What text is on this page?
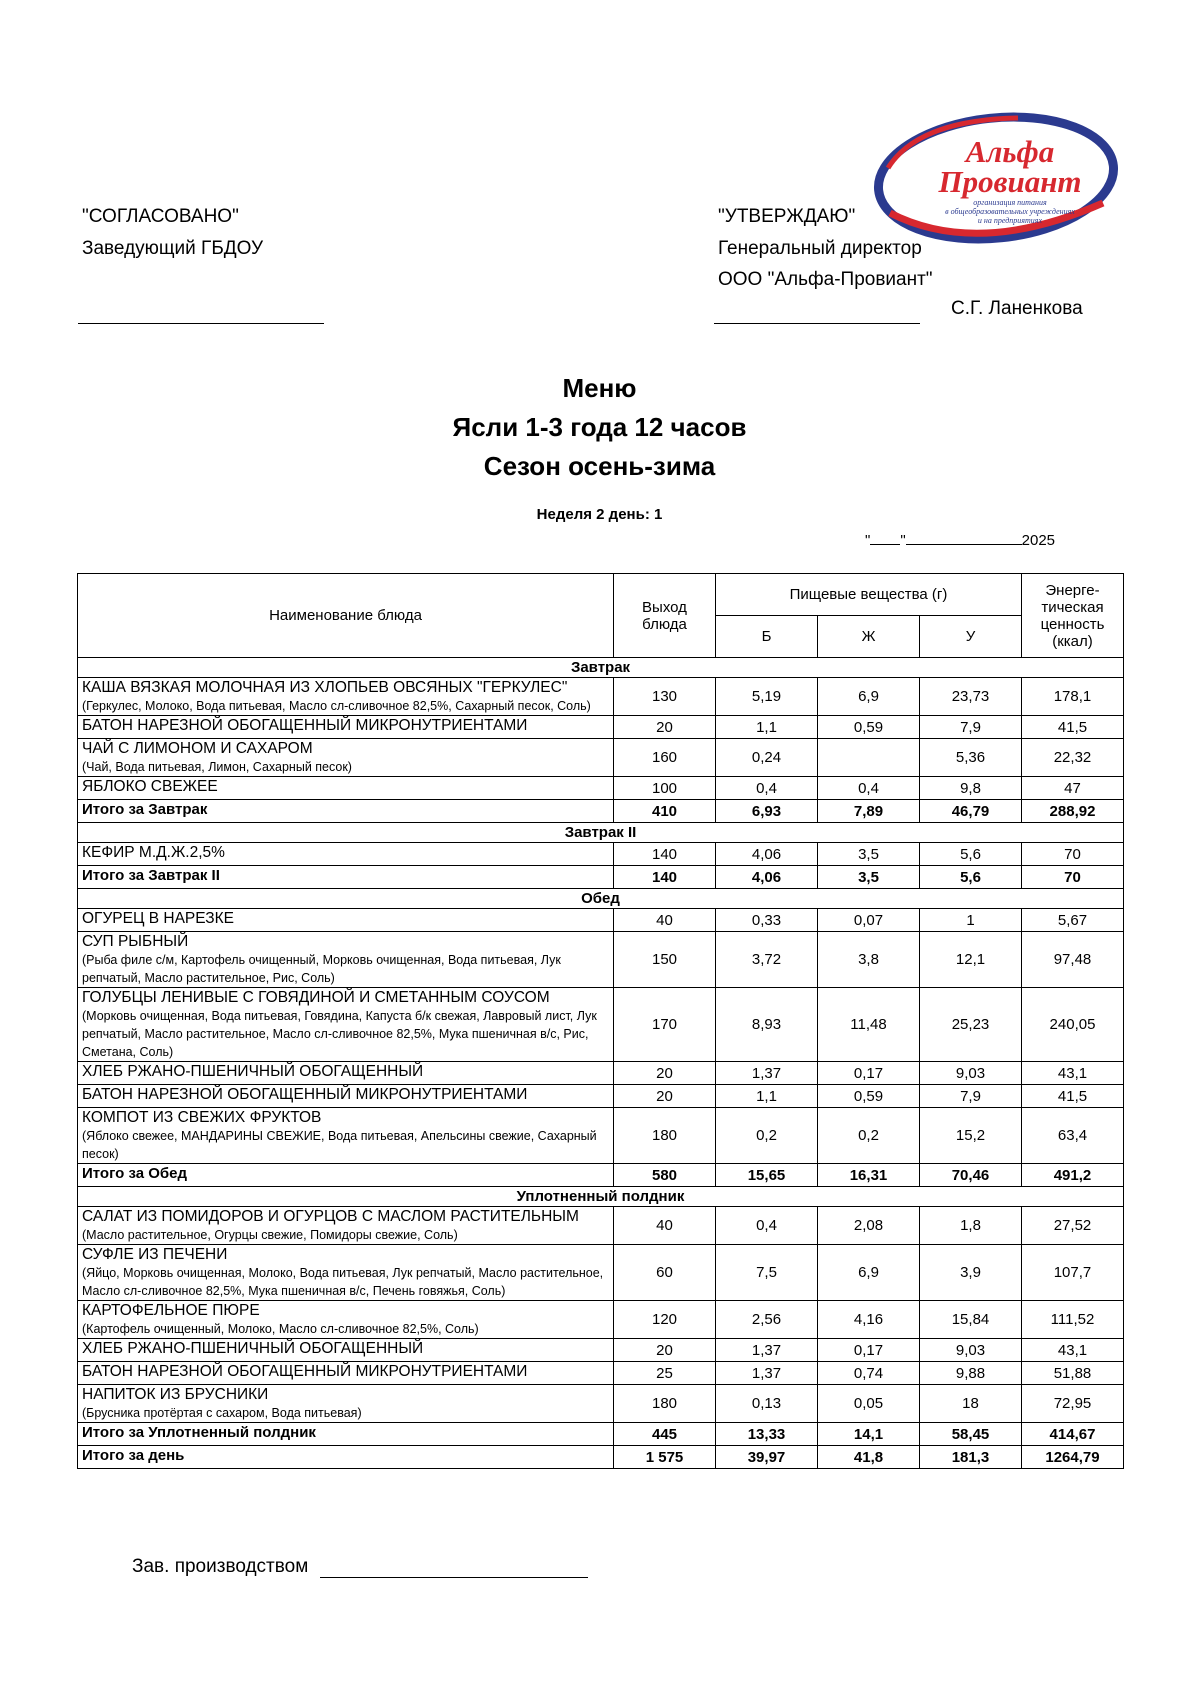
"СОГЛАСОВАНО"
Заведующий ГБДОУ
"УТВЕРЖДАЮ"
Генеральный директор
ООО "Альфа-Провиант"
С.Г. Ланенкова
Альфа
Провиант
организация питания
в общеобразовательных учреждениях
и на предприятиях
Меню
Ясли 1-3 года 12 часов
Сезон осень-зима
Неделя 2 день: 1
" "	2025
Наименование блюда	Выход блюда	Пищевые вещества (г)			Энерге- тическая ценность (ккал)
		Б	Ж	У	
Завтрак					

КАША ВЯЗКАЯ МОЛОЧНАЯ ИЗ ХЛОПЬЕВ ОВСЯНЫХ "ГЕРКУЛЕС"
(Геркулес, Молоко, Вода питьевая, Масло сл-сливочное 82,5%, Сахарный песок, Соль)	130	5,19	6,9	23,73	178,1

БАТОН НАРЕЗНОЙ ОБОГАЩЕННЫЙ МИКРОНУТРИЕНТАМИ	20	1,1	0,59	7,9	41,5

ЧАЙ С ЛИМОНОМ И САХАРОМ
(Чай, Вода питьевая, Лимон, Сахарный песок)	160	0,24		5,36	22,32

ЯБЛОКО СВЕЖЕЕ	100	0,4	0,4	9,8	47
Итого за Завтрак	410	6,93	7,89	46,79	288,92
Завтрак II					

КЕФИР М.Д.Ж.2,5%	140	4,06	3,5	5,6	70
Итого за Завтрак II	140	4,06	3,5	5,6	70
Обед					

ОГУРЕЦ В НАРЕЗКЕ	40	0,33	0,07	1	5,67

СУП РЫБНЫЙ
(Рыба филе с/м, Картофель очищенный, Морковь очищенная, Вода питьевая, Лук репчатый, Масло растительное, Рис, Соль)	150	3,72	3,8	12,1	97,48

ГОЛУБЦЫ ЛЕНИВЫЕ С ГОВЯДИНОЙ И СМЕТАННЫМ СОУСОМ
(Морковь очищенная, Вода питьевая, Говядина, Капуста б/к свежая, Лавровый лист, Лук репчатый, Масло растительное, Масло сл-сливочное 82,5%, Мука пшеничная в/с, Рис, Сметана, Соль)	170	8,93	11,48	25,23	240,05

ХЛЕБ РЖАНО-ПШЕНИЧНЫЙ ОБОГАЩЕННЫЙ	20	1,37	0,17	9,03	43,1

БАТОН НАРЕЗНОЙ ОБОГАЩЕННЫЙ МИКРОНУТРИЕНТАМИ	20	1,1	0,59	7,9	41,5

КОМПОТ ИЗ СВЕЖИХ ФРУКТОВ
(Яблоко свежее, МАНДАРИНЫ СВЕЖИЕ, Вода питьевая, Апельсины свежие, Сахарный песок)	180	0,2	0,2	15,2	63,4
Итого за Обед	580	15,65	16,31	70,46	491,2
Уплотненный полдник					

САЛАТ ИЗ ПОМИДОРОВ И ОГУРЦОВ С МАСЛОМ РАСТИТЕЛЬНЫМ
(Масло растительное, Огурцы свежие, Помидоры свежие, Соль)	40	0,4	2,08	1,8	27,52

СУФЛЕ ИЗ ПЕЧЕНИ
(Яйцо, Морковь очищенная, Молоко, Вода питьевая, Лук репчатый, Масло растительное, Масло сл-сливочное 82,5%, Мука пшеничная в/с, Печень говяжья, Соль)	60	7,5	6,9	3,9	107,7

КАРТОФЕЛЬНОЕ ПЮРЕ
(Картофель очищенный, Молоко, Масло сл-сливочное 82,5%, Соль)	120	2,56	4,16	15,84	111,52

ХЛЕБ РЖАНО-ПШЕНИЧНЫЙ ОБОГАЩЕННЫЙ	20	1,37	0,17	9,03	43,1

БАТОН НАРЕЗНОЙ ОБОГАЩЕННЫЙ МИКРОНУТРИЕНТАМИ	25	1,37	0,74	9,88	51,88

НАПИТОК ИЗ БРУСНИКИ
(Брусника протёртая с сахаром, Вода питьевая)	180	0,13	0,05	18	72,95
Итого за Уплотненный полдник	445	13,33	14,1	58,45	414,67
Итого за день	1 575	39,97	41,8	181,3	1264,79
Зав. производством
